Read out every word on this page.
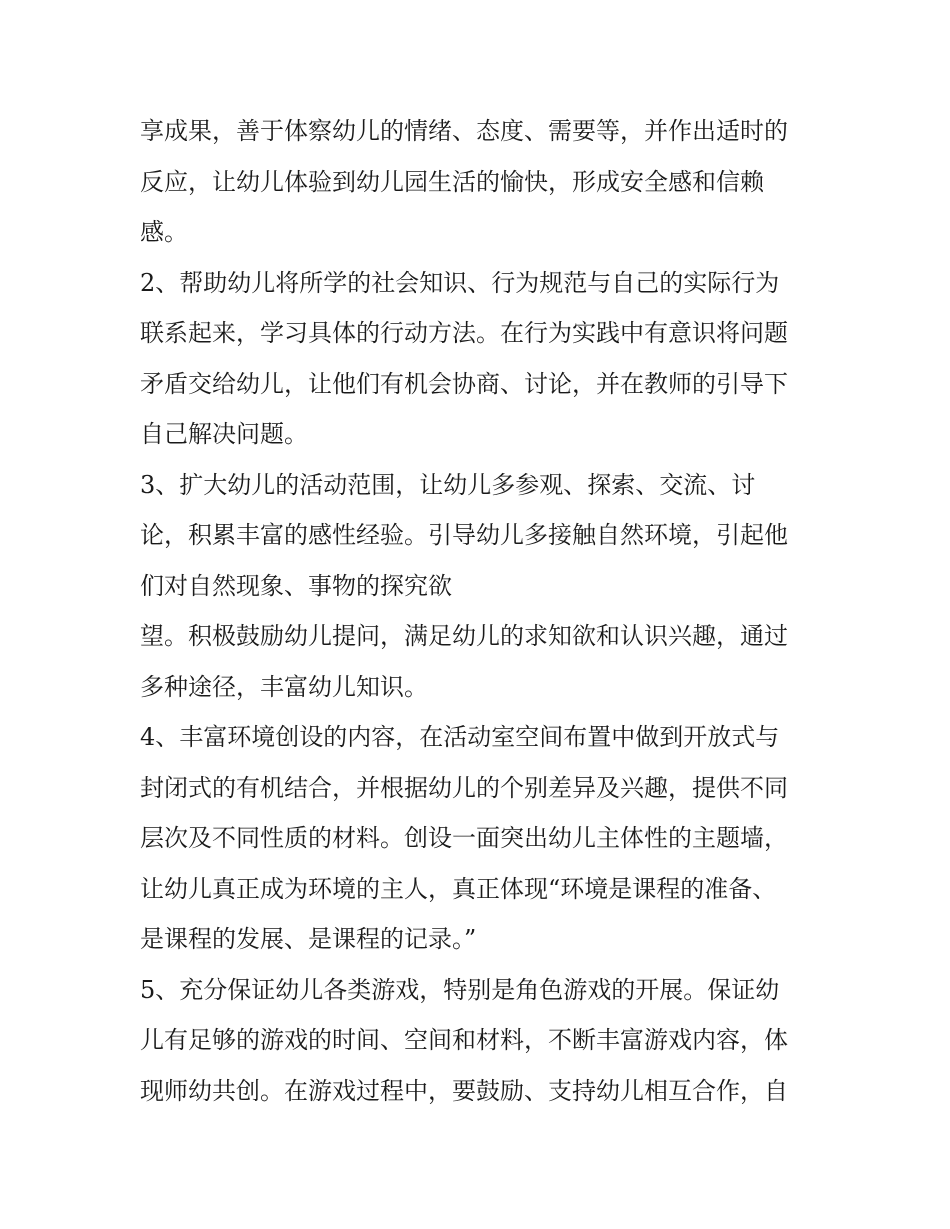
享成果，善于体察幼儿的情绪、态度、需要等，并作出适时的
反应，让幼儿体验到幼儿园生活的愉快，形成安全感和信赖
感。
2、帮助幼儿将所学的社会知识、行为规范与自己的实际行为
联系起来，学习具体的行动方法。在行为实践中有意识将问题
矛盾交给幼儿，让他们有机会协商、讨论，并在教师的引导下
自己解决问题。
3、扩大幼儿的活动范围，让幼儿多参观、探索、交流、讨
论，积累丰富的感性经验。引导幼儿多接触自然环境，引起他
们对自然现象、事物的探究欲
望。积极鼓励幼儿提问，满足幼儿的求知欲和认识兴趣，通过
多种途径，丰富幼儿知识。
4、丰富环境创设的内容，在活动室空间布置中做到开放式与
封闭式的有机结合，并根据幼儿的个别差异及兴趣，提供不同
层次及不同性质的材料。创设一面突出幼儿主体性的主题墙，
让幼儿真正成为环境的主人，真正体现“环境是课程的准备、
是课程的发展、是课程的记录。”
5、充分保证幼儿各类游戏，特别是角色游戏的开展。保证幼
儿有足够的游戏的时间、空间和材料，不断丰富游戏内容，体
现师幼共创。在游戏过程中，要鼓励、支持幼儿相互合作，自
